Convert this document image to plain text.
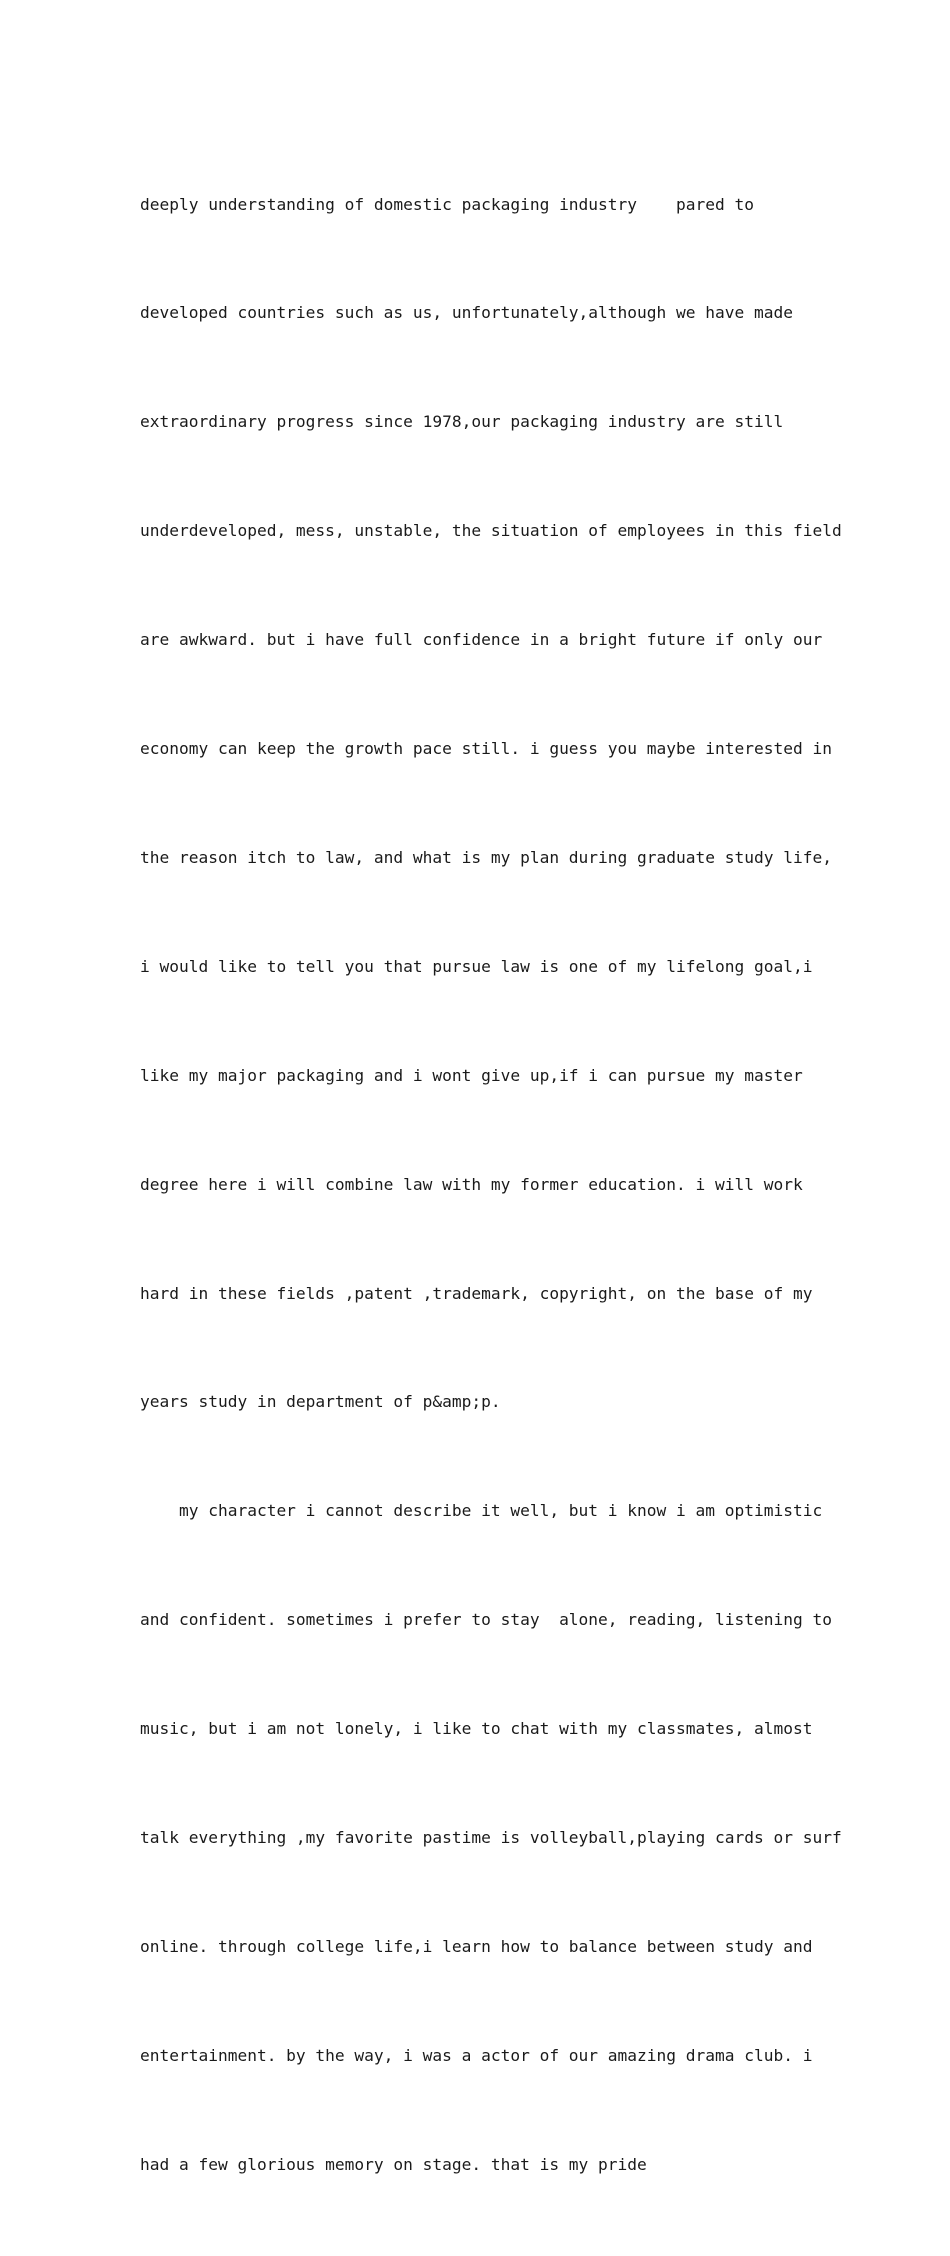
deeply understanding of domestic packaging industry    pared to

developed countries such as us, unfortunately,although we have made

extraordinary progress since 1978,our packaging industry are still

underdeveloped, mess, unstable, the situation of employees in this field

are awkward. but i have full confidence in a bright future if only our

economy can keep the growth pace still. i guess you maybe interested in

the reason itch to law, and what is my plan during graduate study life,

i would like to tell you that pursue law is one of my lifelong goal,i

like my major packaging and i wont give up,if i can pursue my master

degree here i will combine law with my former education. i will work

hard in these fields ,patent ,trademark, copyright, on the base of my

years study in department of p&amp;p.

my character i cannot describe it well, but i know i am optimistic

and confident. sometimes i prefer to stay  alone, reading, listening to

music, but i am not lonely, i like to chat with my classmates, almost

talk everything ,my favorite pastime is volleyball,playing cards or surf

online. through college life,i learn how to balance between study and

entertainment. by the way, i was a actor of our amazing drama club. i

had a few glorious memory on stage. that is my pride
